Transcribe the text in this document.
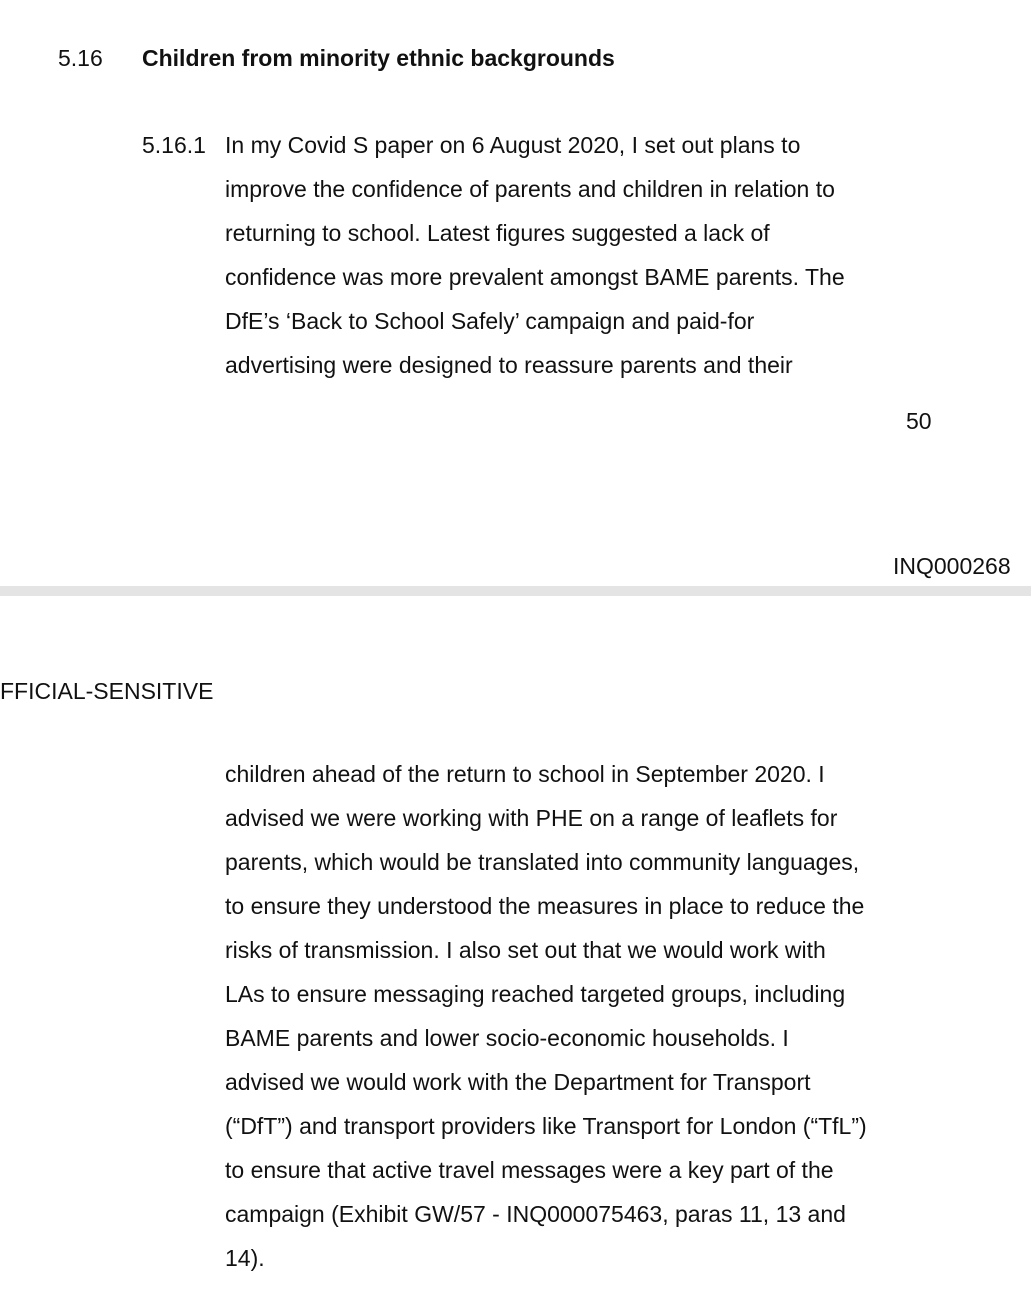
5.16 Children from minority ethnic backgrounds
5.16.1 In my Covid S paper on 6 August 2020, I set out plans to
improve the confidence of parents and children in relation to
returning to school. Latest figures suggested a lack of
confidence was more prevalent amongst BAME parents. The
DfE’s ‘Back to School Safely’ campaign and paid-for
advertising were designed to reassure parents and their
50
INQ000268
FFICIAL-SENSITIVE
children ahead of the return to school in September 2020. I
advised we were working with PHE on a range of leaflets for
parents, which would be translated into community languages,
to ensure they understood the measures in place to reduce the
risks of transmission. I also set out that we would work with
LAs to ensure messaging reached targeted groups, including
BAME parents and lower socio-economic households. I
advised we would work with the Department for Transport
(“DfT”) and transport providers like Transport for London (“TfL”)
to ensure that active travel messages were a key part of the
campaign (Exhibit GW/57 - INQ000075463, paras 11, 13 and
14).
